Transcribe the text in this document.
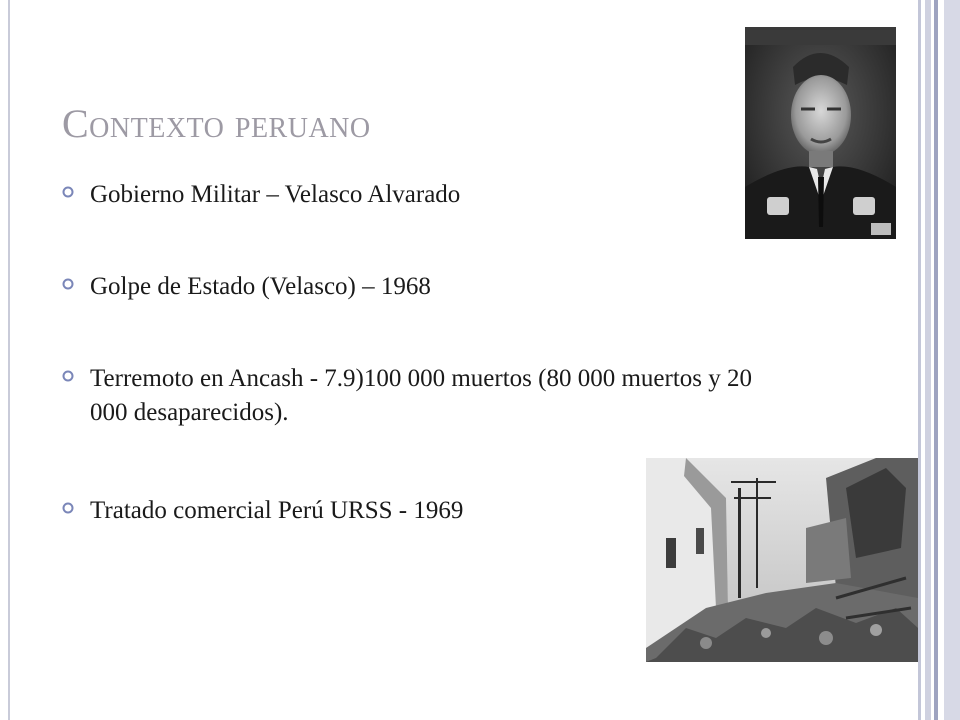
Contexto peruano
Gobierno Militar – Velasco Alvarado
Golpe de Estado (Velasco) – 1968
Terremoto en Ancash - 7.9)100 000 muertos (80 000 muertos y 20 000 desaparecidos).
Tratado comercial Perú URSS - 1969
